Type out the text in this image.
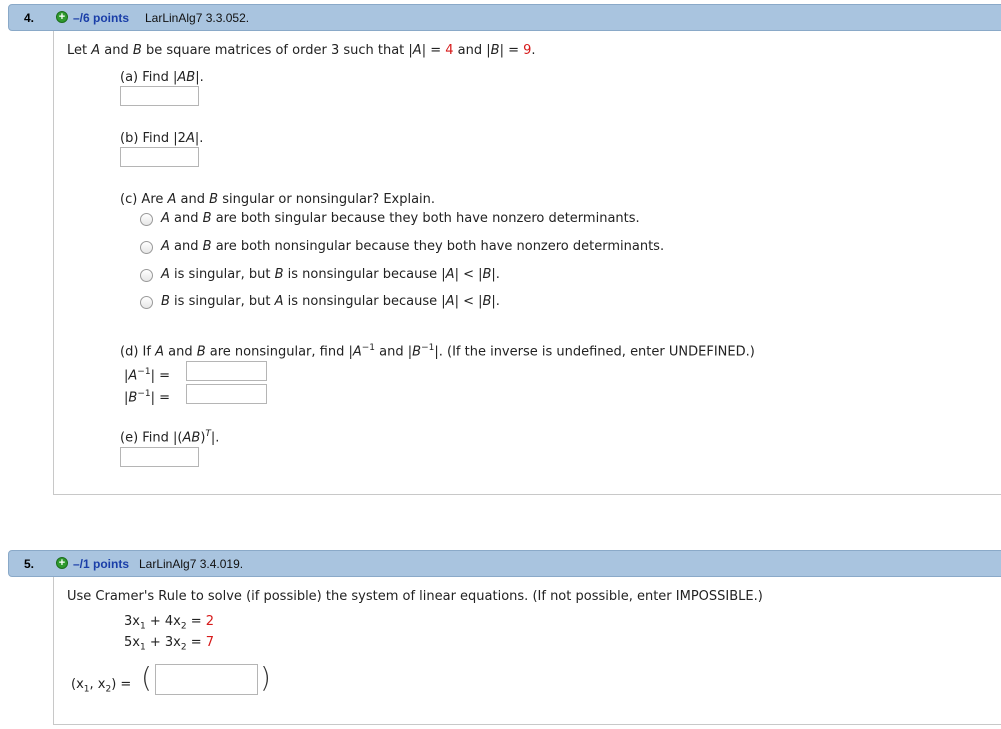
4. + –/6 points LarLinAlg7 3.3.052.
Let A and B be square matrices of order 3 such that |A| = 4 and |B| = 9.
(a) Find |AB|.
(b) Find |2A|.
(c) Are A and B singular or nonsingular? Explain.
A and B are both singular because they both have nonzero determinants.
A and B are both nonsingular because they both have nonzero determinants.
A is singular, but B is nonsingular because |A| < |B|.
B is singular, but A is nonsingular because |A| < |B|.
(d) If A and B are nonsingular, find $|A^{-1}$ and $|B^{-1}|$. (If the inverse is undefined, enter UNDEFINED.)
$|A^{-1}|$ =
$|B^{-1}|$ =
(e) Find |(AB)$^T$|.
5. + –/1 points LarLinAlg7 3.4.019.
Use Cramer's Rule to solve (if possible) the system of linear equations. (If not possible, enter IMPOSSIBLE.)
$3x_1 + 4x_2 = 2$
$5x_1 + 3x_2 = 7$
($x_1$, $x_2$) = (	)
